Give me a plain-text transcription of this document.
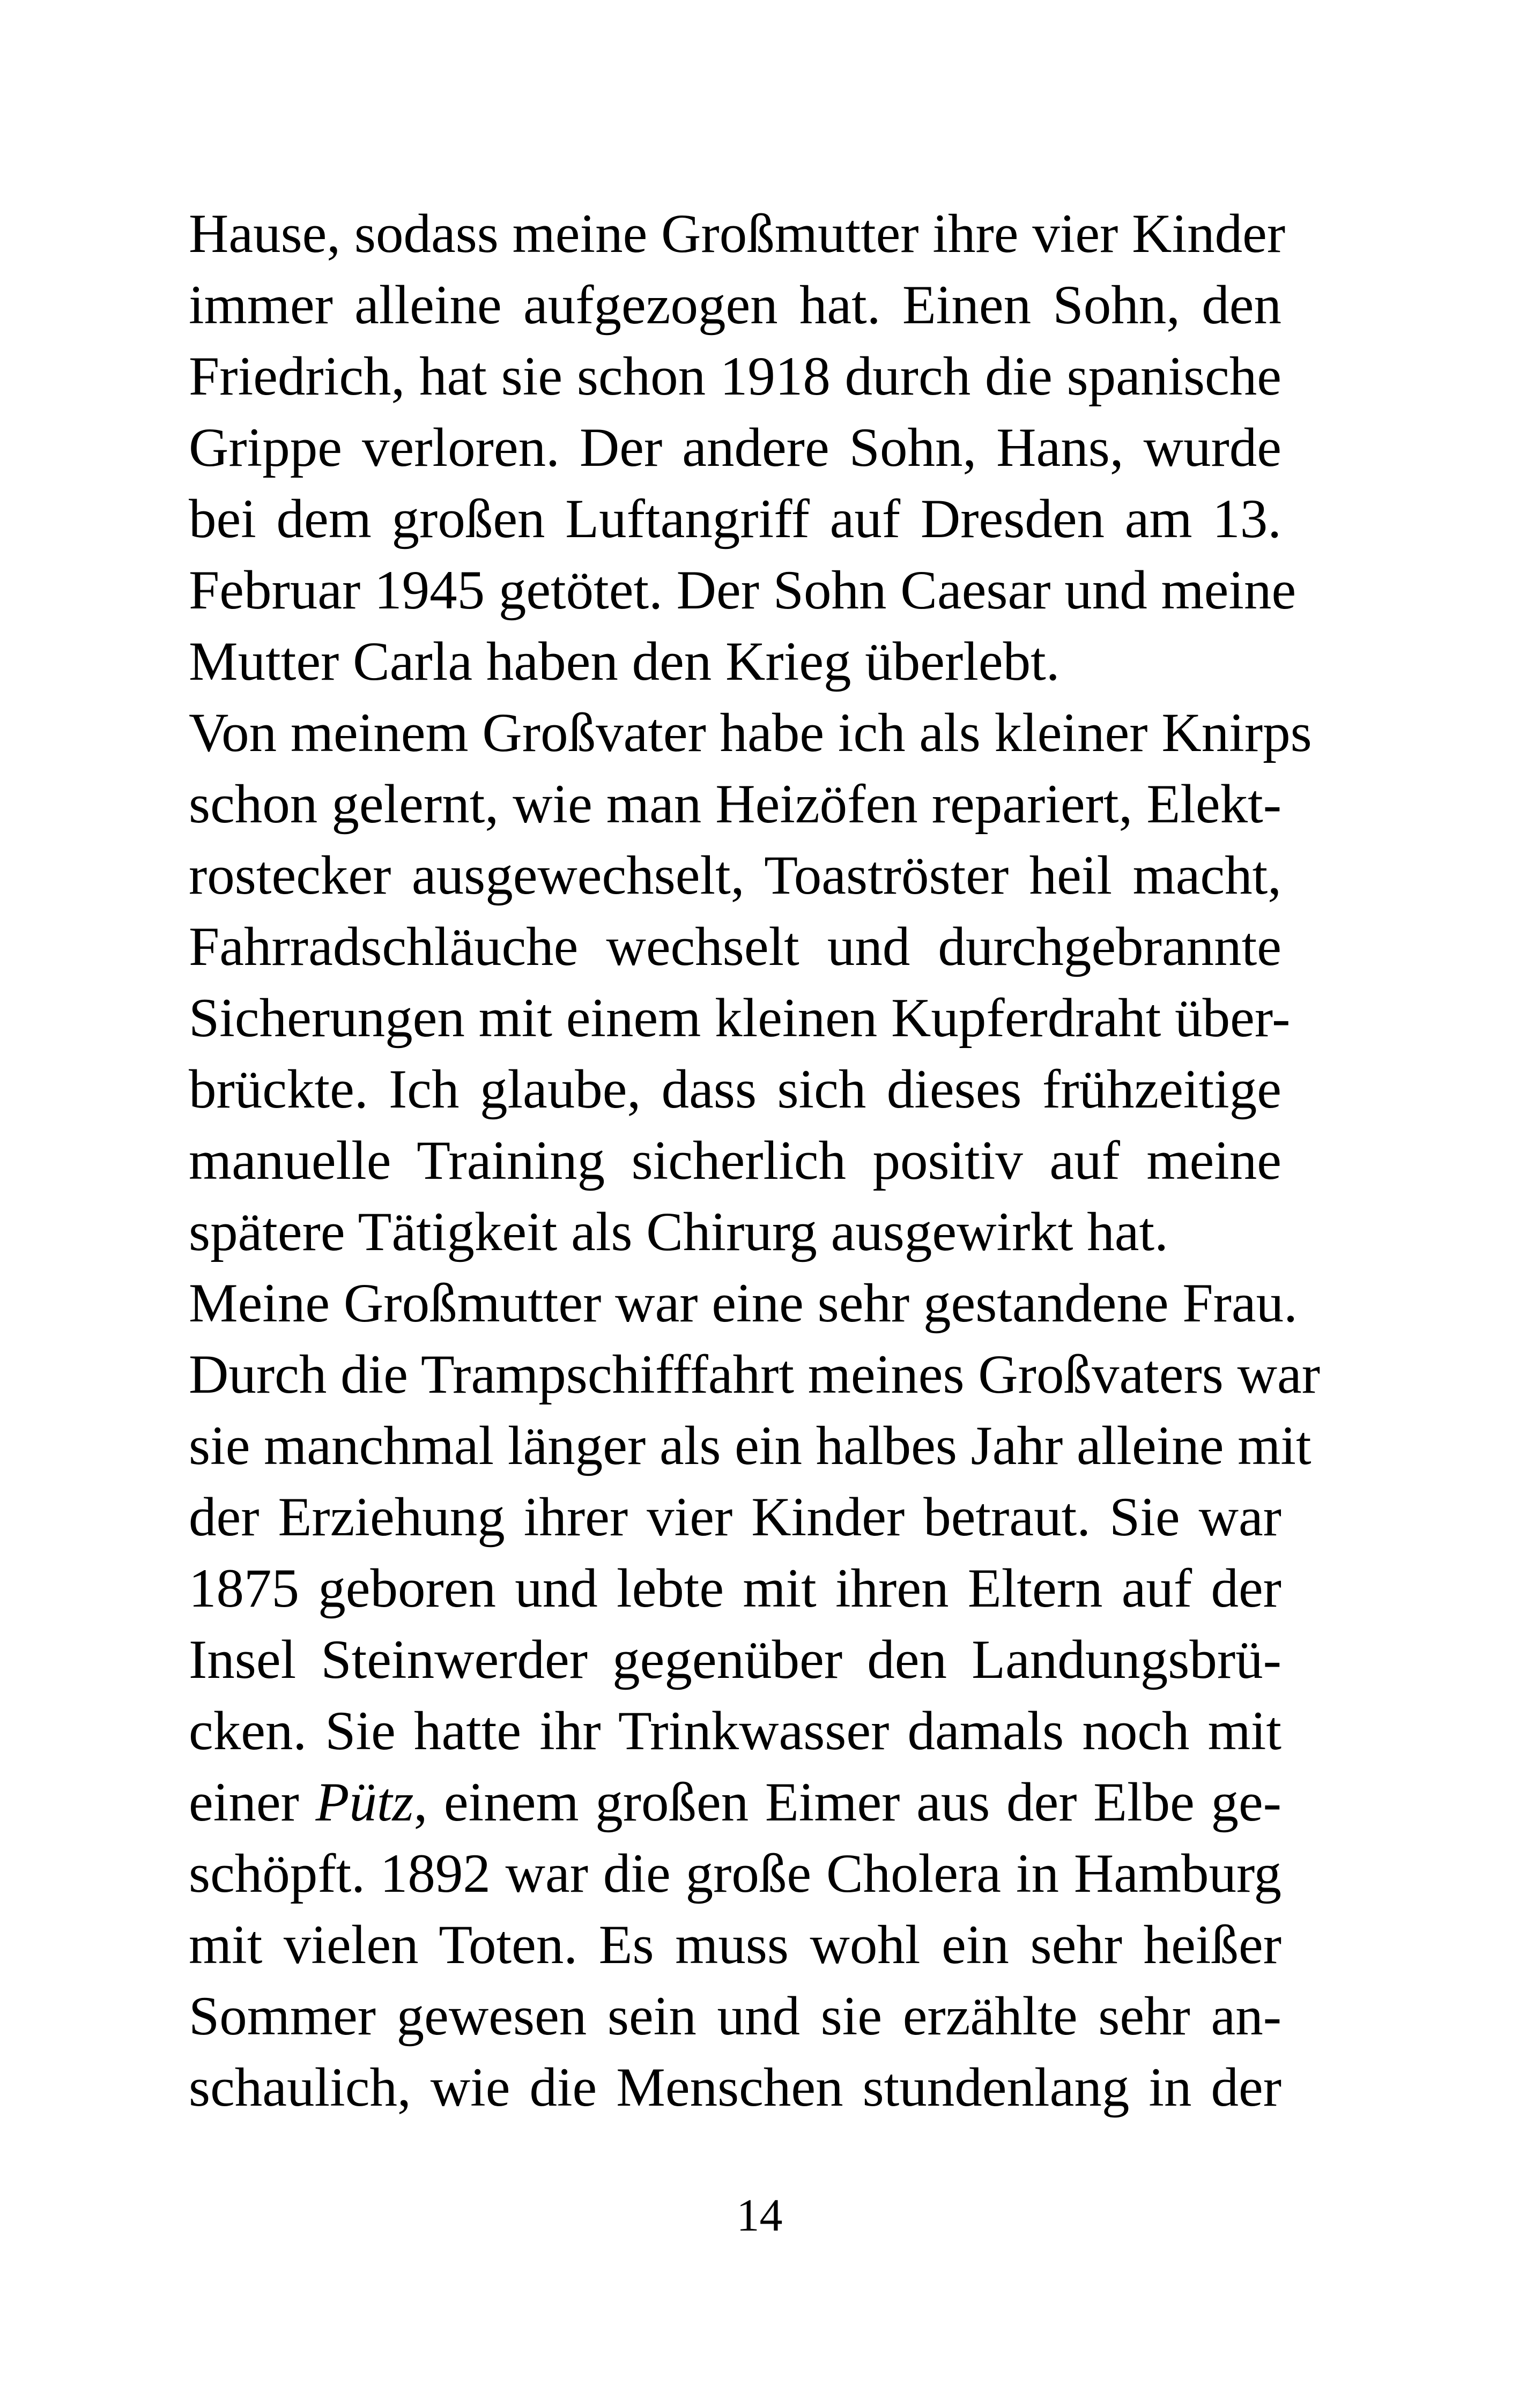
Hause, sodass meine Großmutter ihre vier Kinder
immer alleine aufgezogen hat. Einen Sohn, den
Friedrich, hat sie schon 1918 durch die spanische
Grippe verloren. Der andere Sohn, Hans, wurde
bei dem großen Luftangriff auf Dresden am 13.
Februar 1945 getötet. Der Sohn Caesar und meine
Mutter Carla haben den Krieg überlebt.
Von meinem Großvater habe ich als kleiner Knirps
schon gelernt, wie man Heizöfen repariert, Elekt-
rostecker ausgewechselt, Toaströster heil macht,
Fahrradschläuche wechselt und durchgebrannte
Sicherungen mit einem kleinen Kupferdraht über-
brückte. Ich glaube, dass sich dieses frühzeitige
manuelle Training sicherlich positiv auf meine
spätere Tätigkeit als Chirurg ausgewirkt hat.
Meine Großmutter war eine sehr gestandene Frau.
Durch die Trampschifffahrt meines Großvaters war
sie manchmal länger als ein halbes Jahr alleine mit
der Erziehung ihrer vier Kinder betraut. Sie war
1875 geboren und lebte mit ihren Eltern auf der
Insel Steinwerder gegenüber den Landungsbrü-
cken. Sie hatte ihr Trinkwasser damals noch mit
einer Pütz, einem großen Eimer aus der Elbe ge-
schöpft. 1892 war die große Cholera in Hamburg
mit vielen Toten. Es muss wohl ein sehr heißer
Sommer gewesen sein und sie erzählte sehr an-
schaulich, wie die Menschen stundenlang in der
14
